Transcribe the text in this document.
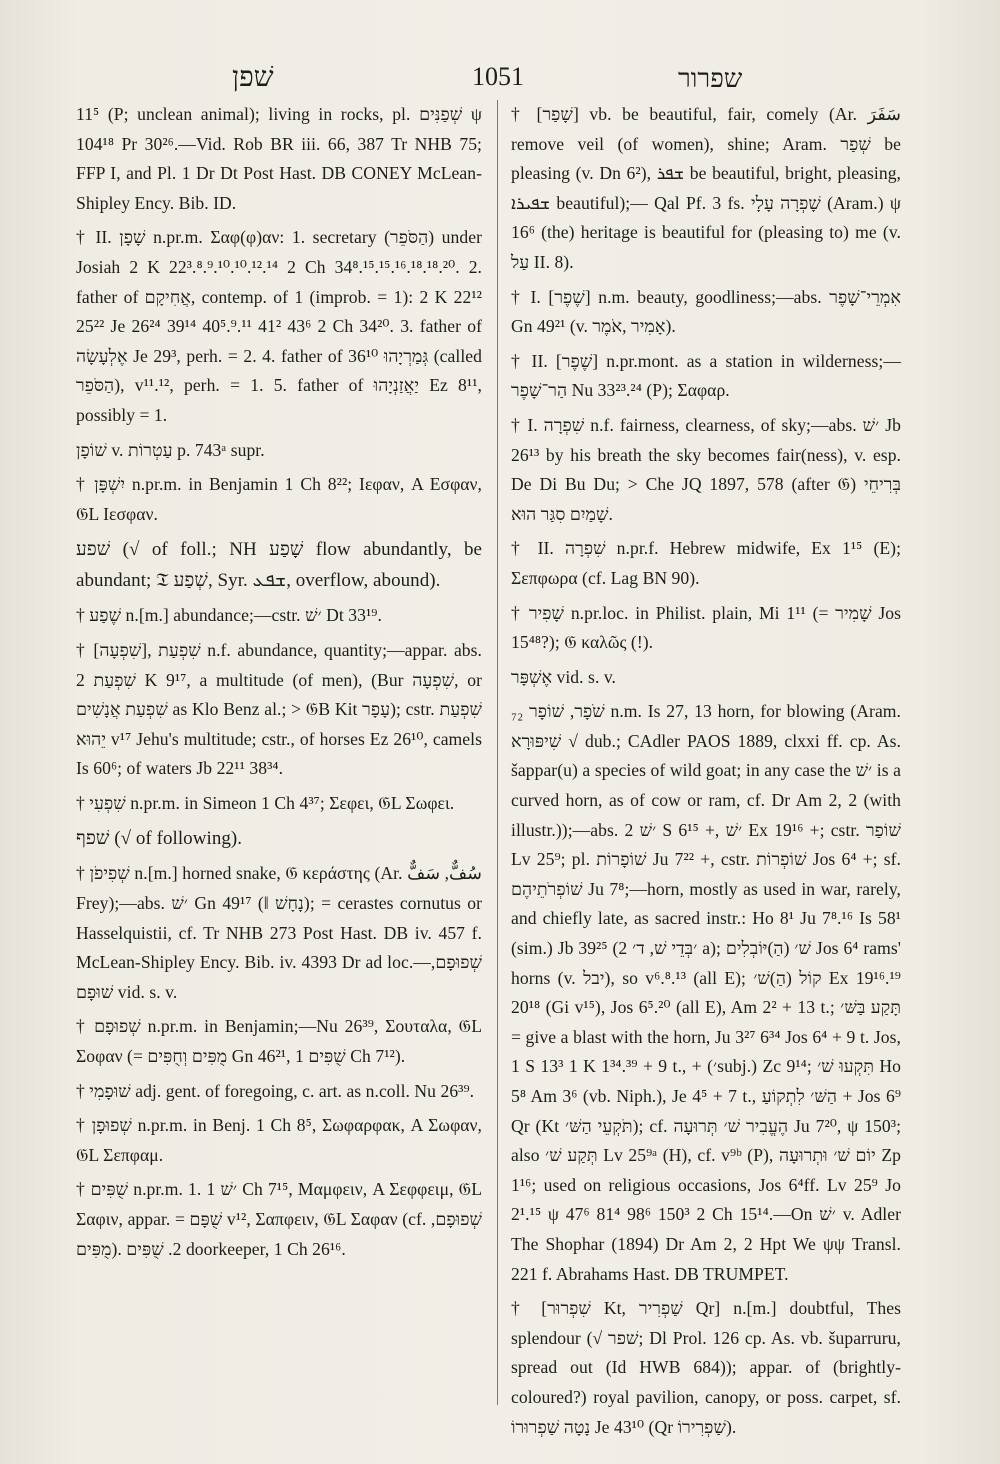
שׁפן	1051	שפרור

11⁵ (P; unclean animal); living in rocks, pl. שְׁפַנִּים ψ 104¹⁸ Pr 30²⁶.—Vid. Rob BR iii. 66, 387 Tr NHB 75; FFP I, and Pl. 1 Dr Dt Post Hast. DB CONEY McLean-Shipley Ency. Bib. ID.

† II. שָׁפָן n.pr.m. Σαφ(φ)αν: 1. secretary (הַסֹּפֵר) under Josiah 2 K 22³.⁸.⁹.¹⁰.¹⁰.¹².¹⁴ 2 Ch 34⁸.¹⁵.¹⁵.¹⁶.¹⁸.¹⁸.²⁰. 2. father of אֲחִיקָם, contemp. of 1 (improb. = 1): 2 K 22¹² 25²² Je 26²⁴ 39¹⁴ 40⁵.⁹.¹¹ 41² 43⁶ 2 Ch 34²⁰. 3. father of אֶלְעָשָׂה Je 29³, perh. = 2. 4. father of גְּמַרְיָהוּ 36¹⁰ (called הַסֹּפֵר), v¹¹.¹², perh. = 1. 5. father of יַאֲזַנְיָהוּ Ez 8¹¹, possibly = 1.

שׁוֹפָן v. עַטְרוֹת p. 743ᵃ supr.

† יִשְׁפָּן n.pr.m. in Benjamin 1 Ch 8²²; Ιεφαν, A Εσφαν, 𝔊L Ιεσφαν.

שׁפע (√ of foll.; NH שָׁפַע flow abundantly, be abundant; 𝔗 שְׁפַע, Syr. ܫܦܥ, overflow, abound).

† שֶׁפַע n.[m.] abundance;—cstr. ׳שׁ Dt 33¹⁹.

† [שִׁפְעָה], שִׁפְעַת n.f. abundance, quantity;—appar. abs. שִׁפְעַת 2 K 9¹⁷, a multitude (of men), (Bur שִׁפְעָה, or שִׁפְעַת אֲנָשִׁים as Klo Benz al.; > 𝔊B Kit עָפָר); cstr. שִׁפְעַת יֵהוּא v¹⁷ Jehu's multitude; cstr., of horses Ez 26¹⁰, camels Is 60⁶; of waters Jb 22¹¹ 38³⁴.

† שִׁפְעִי n.pr.m. in Simeon 1 Ch 4³⁷; Σεφει, 𝔊L Σωφει.

שׁפף (√ of following).

† שְׁפִיפֹן n.[m.] horned snake, 𝔊 κεράστης (Ar. سُفٌّ, سَفٌّ Frey);—abs. ׳שׁ Gn 49¹⁷ (‖ נָחָשׁ); = cerastes cornutus or Hasselquistii, cf. Tr NHB 273 Post Hast. DB iv. 457 f. McLean-Shipley Ency. Bib. iv. 4393 Dr ad loc.—שְׁפוּפָם, שׁוּפָם vid. s. v.

† שְׁפוּפָם n.pr.m. in Benjamin;—Nu 26³⁹, Σουταλα, 𝔊L Σοφαν (= מֻפִּים וְחֻפִּים Gn 46²¹, שֻׁפִּים 1 Ch 7¹²).

† שׁוּפָמִי adj. gent. of foregoing, c. art. as n.coll. Nu 26³⁹.

† שְׁפוּפָן n.pr.m. in Benj. 1 Ch 8⁵, Σωφαρφακ, A Σωφαν, 𝔊L Σεπφαμ.

† שֻׁפִּים n.pr.m. 1. ׳שׁ 1 Ch 7¹⁵, Μαμφειν, A Σεφφειμ, 𝔊L Σαφιν, appar. = שֻׁפָּם v¹², Σαπφειν, 𝔊L Σαφαν (cf. שְׁפוּפָם, מֻפִּים). 2. שֻׁפִּים doorkeeper, 1 Ch 26¹⁶.

† [שָׁפַר] vb. be beautiful, fair, comely (Ar. سَفَرَ remove veil (of women), shine; Aram. שְׁפַר be pleasing (v. Dn 6²), ܫܦܪ be beautiful, bright, pleasing, ܫܦܝܪܐ beautiful);— Qal Pf. 3 fs. שָׁפְרָה עָלָי (Aram.) ψ 16⁶ (the) heritage is beautiful for (pleasing to) me (v. עַל II. 8).

† I. [שֶׁפֶר] n.m. beauty, goodliness;—abs. אִמְרֵי־שָׁפֶר Gn 49²¹ (v. אָמִיר ,אֹמֶר).

† II. [שֶׁפֶר] n.pr.mont. as a station in wilderness;—הַר־שָׁפֶר Nu 33²³.²⁴ (P); Σαφαρ.

† I. שִׁפְרָה n.f. fairness, clearness, of sky;—abs. ׳שׁ Jb 26¹³ by his breath the sky becomes fair(ness), v. esp. De Di Bu Du; > Che JQ 1897, 578 (after 𝔊) בְּרִיחֵי שָׁמַיִם סִגַּר הוּא.

† II. שִׁפְרָה n.pr.f. Hebrew midwife, Ex 1¹⁵ (E); Σεπφωρα (cf. Lag BN 90).

† שָׁפִיר n.pr.loc. in Philist. plain, Mi 1¹¹ (= שָׁמִיר Jos 15⁴⁸?); 𝔊 καλῶς (!).

אֶשְׁפָּר vid. s. v.

שֹׁפָר, שׁוֹפָר ₇₂ n.m. Is 27, 13 horn, for blowing (Aram. שִׁיפּוּרָא √ dub.; CAdler PAOS 1889, clxxi ff. cp. As. šappar(u) a species of wild goat; in any case the ׳שׁ is a curved horn, as of cow or ram, cf. Dr Am 2, 2 (with illustr.));—abs. ׳שׁ 2 S 6¹⁵ +, ׳שׁ Ex 19¹⁶ +; cstr. שׁוֹפַר Lv 25⁹; pl. שׁוֹפָרוֹת Ju 7²² +, cstr. שׁוֹפְרוֹת Jos 6⁴ +; sf. שׁוֹפְרֹתֵיהֶם Ju 7⁸;—horn, mostly as used in war, rarely, and chiefly late, as sacred instr.: Ho 8¹ Ju 7⁸.¹⁶ Is 58¹ (sim.) Jb 39²⁵ (׳בְּדֵי שׁ, ד׳ 2 a); שׁ׳ (הַ)יּוֹבְלִים Jos 6⁴ rams' horns (v. יבל), so v⁶.⁸.¹³ (all E); קוֹל (הַ)שׁ׳ Ex 19¹⁶.¹⁹ 20¹⁸ (Gi v¹⁵), Jos 6⁵.²⁰ (all E), Am 2² + 13 t.; תָּקַע בַּשּׁ׳ = give a blast with the horn, Ju 3²⁷ 6³⁴ Jos 6⁴ + 9 t. Jos, 1 S 13³ 1 K 1³⁴.³⁹ + 9 t., + (׳subj.) Zc 9¹⁴; תִּקְעוּ שׁ׳ Ho 5⁸ Am 3⁶ (vb. Niph.), Je 4⁵ + 7 t., הַשּׁ׳ לִתְקוֹעַ + Jos 6⁹ Qr (Kt תֹּקְעֵי הַשּׁ׳); cf. הֶעֱבִיר שׁ׳ תְּרוּעָה Ju 7²⁰, ψ 150³; also תְּקַע שׁ׳ Lv 25⁹ᵃ (H), cf. v⁹ᵇ (P), יוֹם שׁ׳ וּתְרוּעָה Zp 1¹⁶; used on religious occasions, Jos 6⁴ff. Lv 25⁹ Jo 2¹.¹⁵ ψ 47⁶ 81⁴ 98⁶ 150³ 2 Ch 15¹⁴.—On ׳שׁ v. Adler The Shophar (1894) Dr Am 2, 2 Hpt We ψψ Transl. 221 f. Abrahams Hast. DB TRUMPET.

† [שִׁפְרוּר Kt, שַׁפְרִיר Qr] n.[m.] doubtful, Thes splendour (√ שׁפר; Dl Prol. 126 cp. As. vb. šuparruru, spread out (Id HWB 684)); appar. of (brightly-coloured?) royal pavilion, canopy, or poss. carpet, sf. נָטָה שַׁפְרוּרוֹ Je 43¹⁰ (Qr שַׁפְרִירוֹ).
